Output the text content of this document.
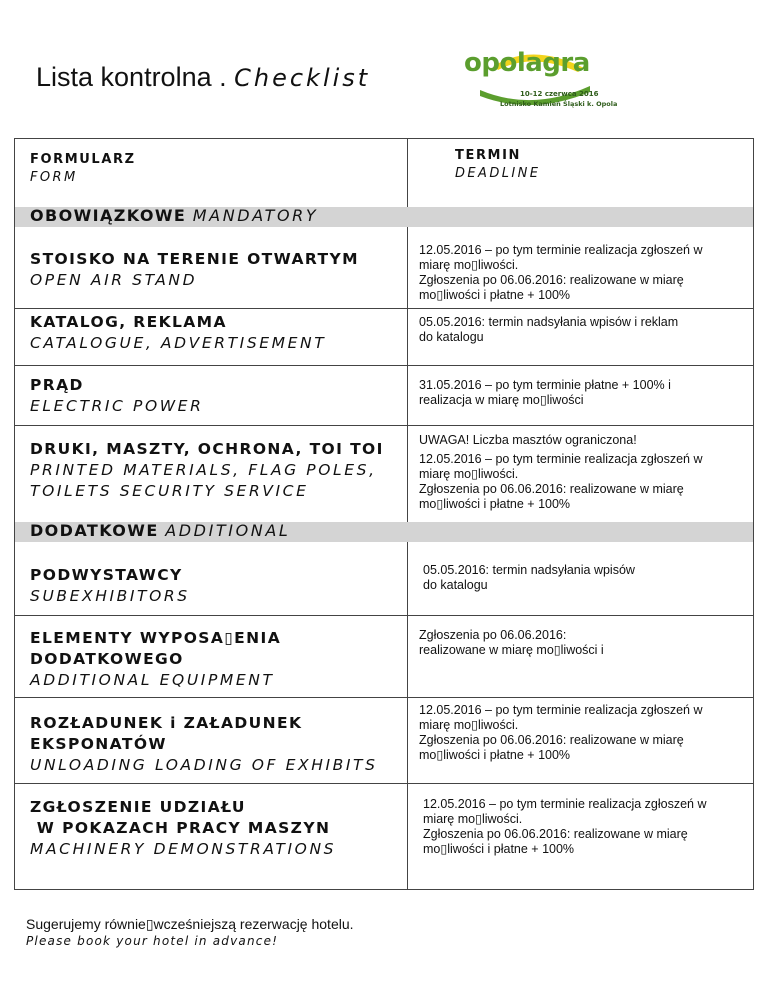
Lista kontrolna . Checklist	opolagra
10-12 czerwca 2016
Lotnisko Kamień Śląski k. Opola
FORMULARZ
FORM
TERMIN
DEADLINE
OBOWIĄZKOWE MANDATORY
STOISKO NA TERENIE OTWARTYM
OPEN AIR STAND
12.05.2016 – po tym terminie realizacja zgłoszeń w
miarę mo▯liwości.
Zgłoszenia po 06.06.2016: realizowane w miarę
mo▯liwości i płatne + 100%
KATALOG, REKLAMA
CATALOGUE, ADVERTISEMENT
05.05.2016: termin nadsyłania wpisów i reklam
do katalogu
PRĄD
ELECTRIC POWER
31.05.2016 – po tym terminie płatne + 100% i
realizacja w miarę mo▯liwości
DRUKI, MASZTY, OCHRONA, TOI TOI
PRINTED MATERIALS, FLAG POLES,
TOILETS SECURITY SERVICE
UWAGA! Liczba masztów ograniczona!
12.05.2016 – po tym terminie realizacja zgłoszeń w
miarę mo▯liwości.
Zgłoszenia po 06.06.2016: realizowane w miarę
mo▯liwości i płatne + 100%
DODATKOWE ADDITIONAL
PODWYSTAWCY
SUBEXHIBITORS
05.05.2016: termin nadsyłania wpisów
do katalogu
ELEMENTY WYPOSA▯ENIA
DODATKOWEGO
ADDITIONAL EQUIPMENT
Zgłoszenia po 06.06.2016:
realizowane w miarę mo▯liwości i
ROZŁADUNEK i ZAŁADUNEK
EKSPONATÓW
UNLOADING LOADING OF EXHIBITS
12.05.2016 – po tym terminie realizacja zgłoszeń w
miarę mo▯liwości.
Zgłoszenia po 06.06.2016: realizowane w miarę
mo▯liwości i płatne + 100%
ZGŁOSZENIE UDZIAŁU
W POKAZACH PRACY MASZYN
MACHINERY DEMONSTRATIONS
12.05.2016 – po tym terminie realizacja zgłoszeń w
miarę mo▯liwości.
Zgłoszenia po 06.06.2016: realizowane w miarę
mo▯liwości i płatne + 100%
Sugerujemy równie▯wcześniejszą rezerwację hotelu.
Please book your hotel in advance!
